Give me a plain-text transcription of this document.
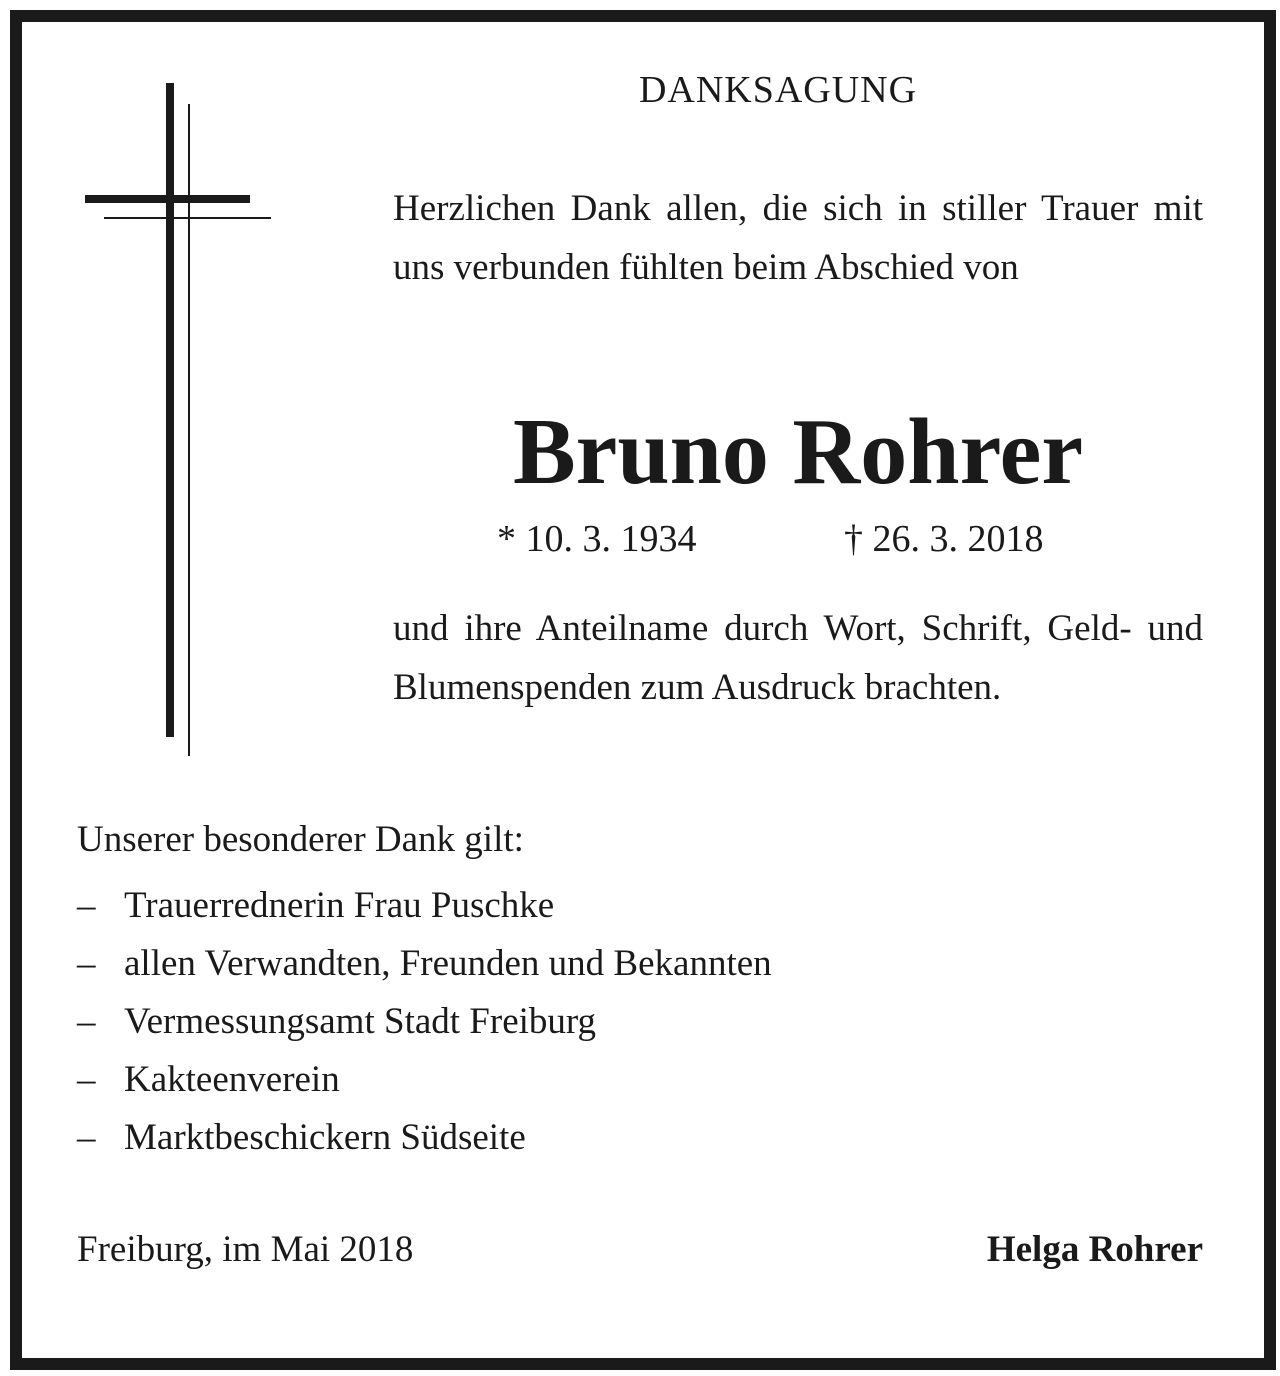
DANKSAGUNG
Herzlichen Dank allen, die sich in stiller Trauer mit uns verbunden fühlten beim Abschied von
Bruno Rohrer
* 10. 3. 1934	† 26. 3. 2018
und ihre Anteilname durch Wort, Schrift, Geld- und Blumenspenden zum Ausdruck brachten.
Unserer besonderer Dank gilt:
– Trauerrednerin Frau Puschke
– allen Verwandten, Freunden und Bekannten
– Vermessungsamt Stadt Freiburg
– Kakteenverein
– Marktbeschickern Südseite
Freiburg, im Mai 2018	Helga Rohrer
